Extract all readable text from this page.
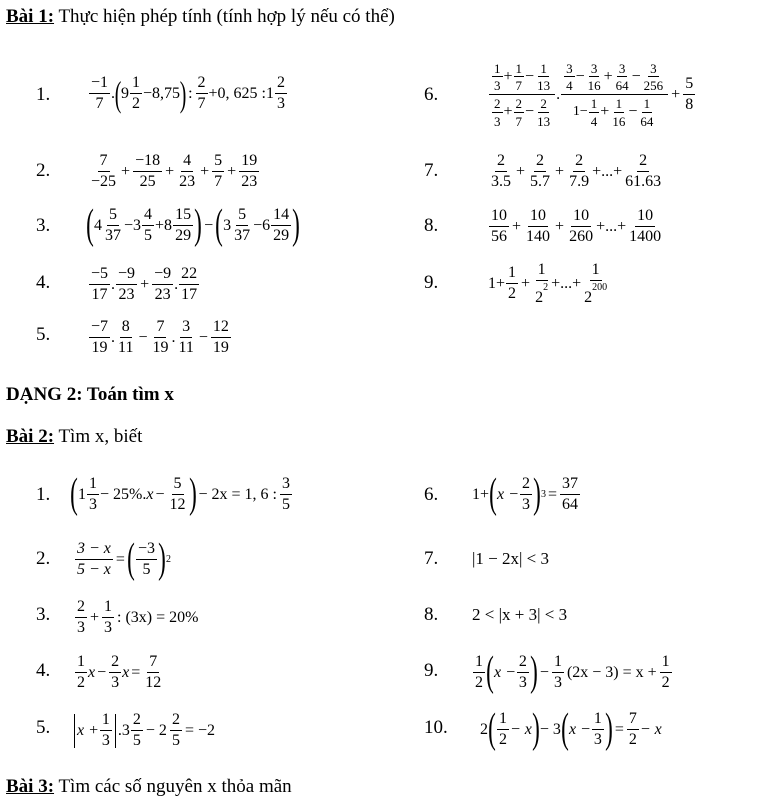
Bài 1: Thực hiện phép tính (tính hợp lý nếu có thể)
1.
2.
3.
4.
5.
6.
7.
8.
9.
$\frac{-1}{7}$ . ( $9 \frac{1}{2} -8,75$ ) : $\frac{2}{7} +0$, 625 :1 $\frac{2}{3}$
$\frac{7}{-25} + \frac{-18}{25} + \frac{4}{23} + \frac{5}{7} + \frac{19}{23}$
( $4 \frac{5}{37} -3 \frac{4}{5} +8 \frac{15}{29}$ ) − ( $3 \frac{5}{37} -6 \frac{14}{29}$ )
$\frac{-5}{17}$ . $\frac{-9}{23} + \frac{-9}{23}$ . $\frac{22}{17}$
$\frac{-7}{19}$ . $\frac{8}{11} - \frac{7}{19}$ . $\frac{3}{11} - \frac{12}{19}$
$\frac{\frac{1}{3} + \frac{1}{7} - \frac{1}{13}}{\frac{2}{3} + \frac{2}{7} - \frac{2}{13}}$ . $\frac{\frac{3}{4} - \frac{3}{16} + \frac{3}{64} - \frac{3}{256}}{1- \frac{1}{4} + \frac{1}{16} - \frac{1}{64}} + \frac{5}{8}$
$\frac{2}{3.5} + \frac{2}{5.7} + \frac{2}{7.9}$ +...+ $\frac{2}{61.63}$
$\frac{10}{56} + \frac{10}{140} + \frac{10}{260}$ +...+ $\frac{10}{1400}$
$1+ \frac{1}{2} + \frac{1}{2^2}$ +...+ $\frac{1}{2^{200}}$
DẠNG 2: Toán tìm x
Bài 2: Tìm x, biết
1.
2.
3.
4.
5.
6.
7.
8.
9.
10.
( $1 \frac{1}{3} - 25\%$. $x - \frac{5}{12}$ ) − 2x = 1, 6 : $\frac{3}{5}$
$\frac{3 - x}{5 - x}$ = ( $\frac{-3}{5}$ ) 2
$\frac{2}{3} + \frac{1}{3}$ : (3x) = 20%
$\frac{1}{2}$ $x - \frac{2}{3}$ $x = \frac{7}{12}$
$x + \frac{1}{3} .3 \frac{2}{5} - 2 \frac{2}{5} = -2$
1+ ( $x - \frac{2}{3}$ ) $3 = \frac{37}{64}$
|1 − 2x| < 3
2 < |x + 3| < 3
$\frac{1}{2}$ ( $x - \frac{2}{3}$ ) − $\frac{1}{3} (2x - 3) = x + \frac{1}{2}$
2 ( $\frac{1}{2} - x$ ) − 3 ( $x - \frac{1}{3}$ ) = $\frac{7}{2} - x$
Bài 3: Tìm các số nguyên x thỏa mãn
